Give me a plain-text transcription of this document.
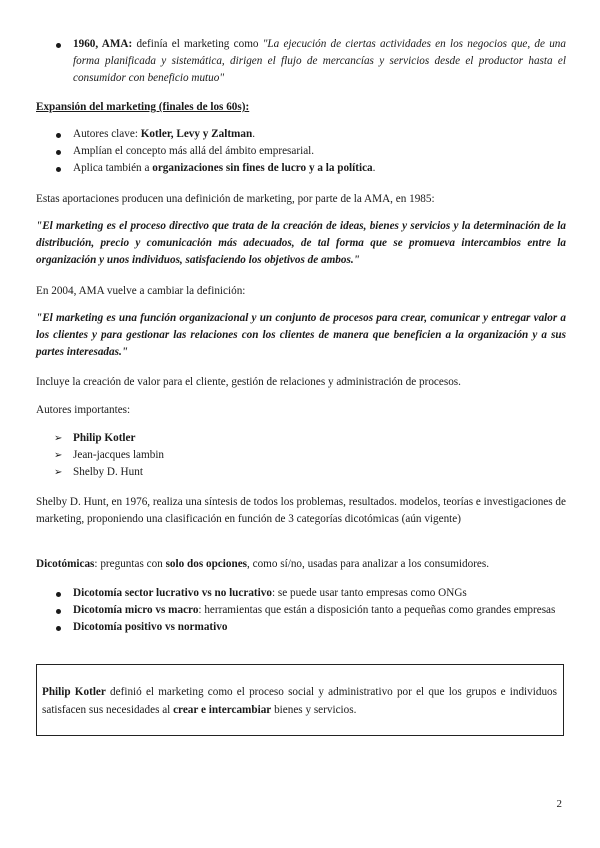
1960, AMA: definía el marketing como "La ejecución de ciertas actividades en los negocios que, de una forma planificada y sistemática, dirigen el flujo de mercancías y servicios desde el productor hasta el consumidor con beneficio mutuo"
Expansión del marketing (finales de los 60s):
Autores clave: Kotler, Levy y Zaltman.
Amplían el concepto más allá del ámbito empresarial.
Aplica también a organizaciones sin fines de lucro y a la política.
Estas aportaciones producen una definición de marketing, por parte de la AMA, en 1985:
"El marketing es el proceso directivo que trata de la creación de ideas, bienes y servicios y la determinación de la distribución, precio y comunicación más adecuados, de tal forma que se promueva intercambios entre la organización y unos individuos, satisfaciendo los objetivos de ambos."
En 2004, AMA vuelve a cambiar la definición:
"El marketing es una función organizacional y un conjunto de procesos para crear, comunicar y entregar valor a los clientes y para gestionar las relaciones con los clientes de manera que beneficien a la organización y a sus partes interesadas."
Incluye la creación de valor para el cliente, gestión de relaciones y administración de procesos.
Autores importantes:
➢ Philip Kotler
➢ Jean-jacques lambin
➢ Shelby D. Hunt
Shelby D. Hunt, en 1976, realiza una síntesis de todos los problemas, resultados. modelos, teorías e investigaciones de marketing, proponiendo una clasificación en función de 3 categorías dicotómicas (aún vigente)
Dicotómicas: preguntas con solo dos opciones, como sí/no, usadas para analizar a los consumidores.
Dicotomía sector lucrativo vs no lucrativo: se puede usar tanto empresas como ONGs
Dicotomía micro vs macro: herramientas que están a disposición tanto a pequeñas como grandes empresas
Dicotomía positivo vs normativo

Philip Kotler definió el marketing como el proceso social y administrativo por el que los grupos e individuos satisfacen sus necesidades al crear e intercambiar bienes y servicios.

2
